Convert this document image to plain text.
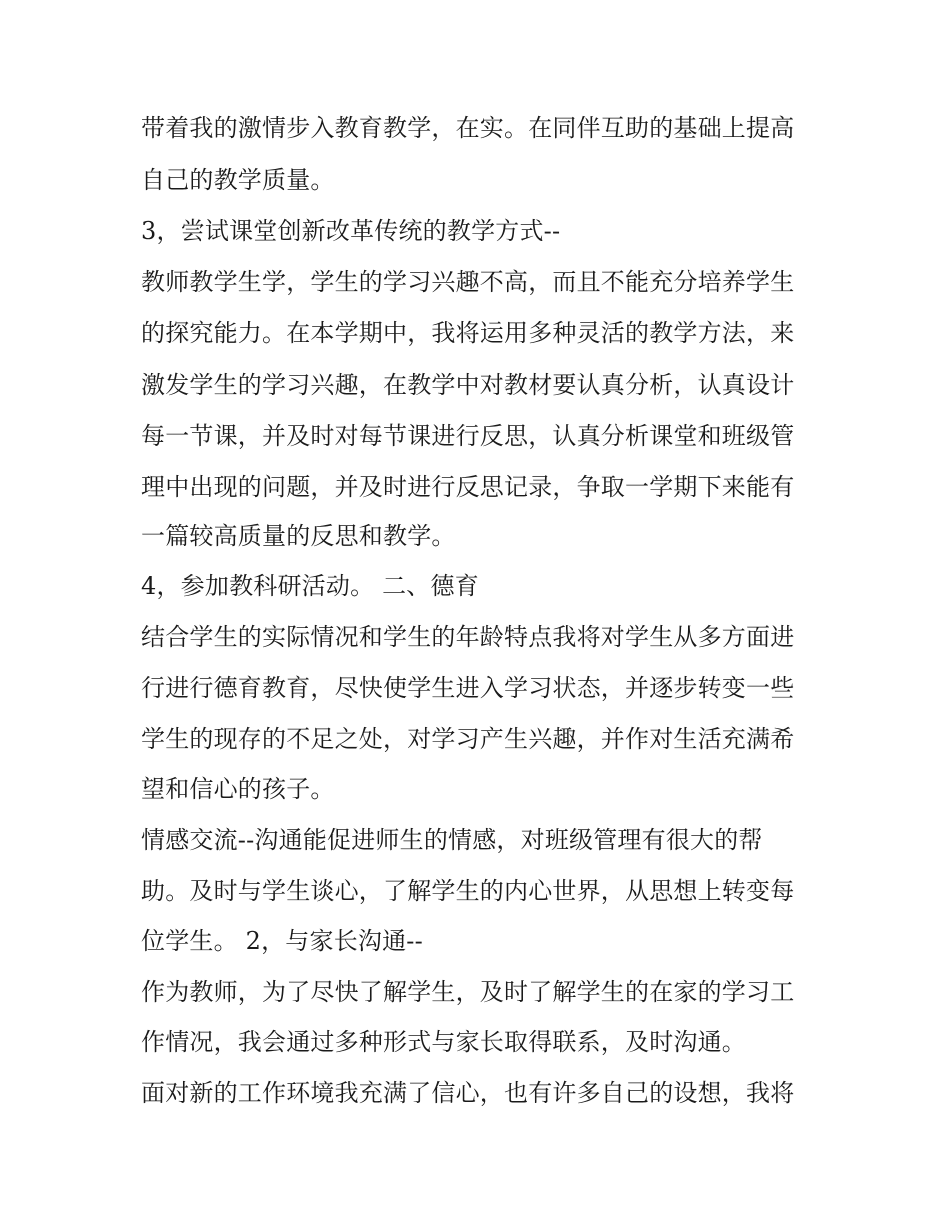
带着我的激情步入教育教学，在实。在同伴互助的基础上提高
自己的教学质量。
3，尝试课堂创新改革传统的教学方式--
教师教学生学，学生的学习兴趣不高，而且不能充分培养学生
的探究能力。在本学期中，我将运用多种灵活的教学方法，来
激发学生的学习兴趣，在教学中对教材要认真分析，认真设计
每一节课，并及时对每节课进行反思，认真分析课堂和班级管
理中出现的问题，并及时进行反思记录，争取一学期下来能有
一篇较高质量的反思和教学。
4，参加教科研活动。 二、德育
结合学生的实际情况和学生的年龄特点我将对学生从多方面进
行进行德育教育，尽快使学生进入学习状态，并逐步转变一些
学生的现存的不足之处，对学习产生兴趣，并作对生活充满希
望和信心的孩子。
情感交流--沟通能促进师生的情感，对班级管理有很大的帮
助。及时与学生谈心，了解学生的内心世界，从思想上转变每
位学生。 2，与家长沟通--
作为教师，为了尽快了解学生，及时了解学生的在家的学习工
作情况，我会通过多种形式与家长取得联系，及时沟通。
面对新的工作环境我充满了信心，也有许多自己的设想，我将
